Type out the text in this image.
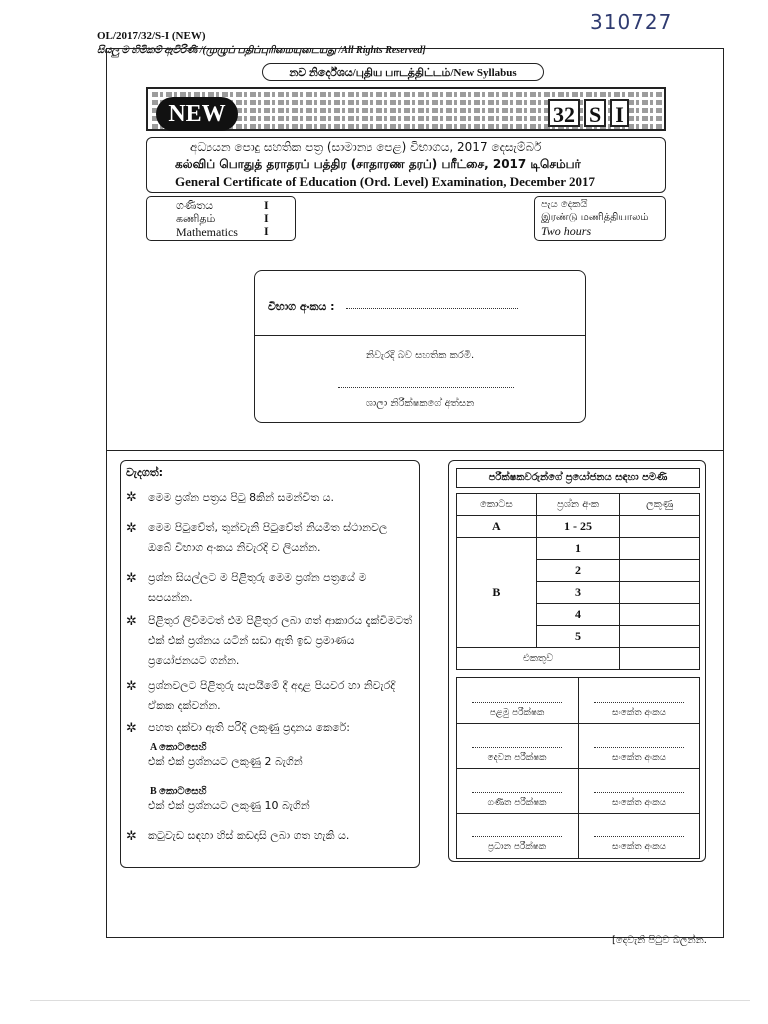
310727
OL/2017/32/S-I (NEW)
සියලු ම හිමිකම් ඇවිරිණි /(முழுப் பதிப்புரிமையுடையது /All Rights Reserved]
නව නිර්දේශය/புதிய பாடத்திட்டம்/New Syllabus
NEW	32 S I
අධ්‍යයන පොදු සහතික පත්‍ර (සාමාන්‍ය පෙළ) විභාගය, 2017 දෙසැම්බර්
கல்விப் பொதுத் தராதரப் பத்திர (சாதாரண தரப்) பரீட்சை, 2017 டிசெம்பர்
General Certificate of Education (Ord. Level) Examination, December 2017
ගණිතය	I
கணிதம்	I
Mathematics I
පැය දෙකයි
இரண்டு மணித்தியாலம்
Two hours
විභාග අංකය :
නිවැරදි බව සහතික කරමි.
ශාලා නිරීක්ෂකගේ අත්සන
වැදගත්:
✲ මෙම ප්‍රශ්න පත්‍රය පිටු 8කින් සමන්විත ය.
✲ මෙම පිටුවේත්, තුන්වැනි පිටුවේත් නියමිත ස්ථානවල ඔබේ විභාග අංකය නිවැරදි ව ලියන්න.
✲ ප්‍රශ්න සියල්ලට ම පිළිතුරු මෙම ප්‍රශ්න පත්‍රයේ ම සපයන්න.
✲ පිළිතුර ලිවීමටත් එම පිළිතුර ලබා ගත් ආකාරය දැක්වීමටත් එක් එක් ප්‍රශ්නය යටින් සඩා ඇති ඉඩ ප්‍රමාණය ප්‍රයෝජනයට ගන්න.
✲ ප්‍රශ්නවලට පිළිතුරු සැපයීමේ දී අදාළ පියවර හා නිවැරදි ඒකක දක්වන්න.
✲ පහත දක්වා ඇති පරිදි ලකුණු ප්‍රදානය කෙරේ:
A කොටසෙහි
එක් එක් ප්‍රශ්නයට ලකුණු 2 බැගින්
B කොටසෙහි
එක් එක් ප්‍රශ්නයට ලකුණු 10 බැගින්
✲ කටුවැඩ සඳහා හිස් කඩදාසි ලබා ගත හැකි ය.
පරීක්ෂකවරුන්ගේ ප්‍රයෝජනය සඳහා පමණි
කොටස	ප්‍රශ්න අංක	ලකුණු
A	1 - 25	
B	1	
	2	
	3	
	4	
	5	
එකතුව		
පළමු පරීක්ෂක	සංකේත අංකය
දෙවන පරීක්ෂක	සංකේත අංකය
ගණිත පරීක්ෂක	සංකේත අංකය
ප්‍රධාන පරීක්ෂක	සංකේත අංකය
[දෙවැනි පිටුව බලන්න.
